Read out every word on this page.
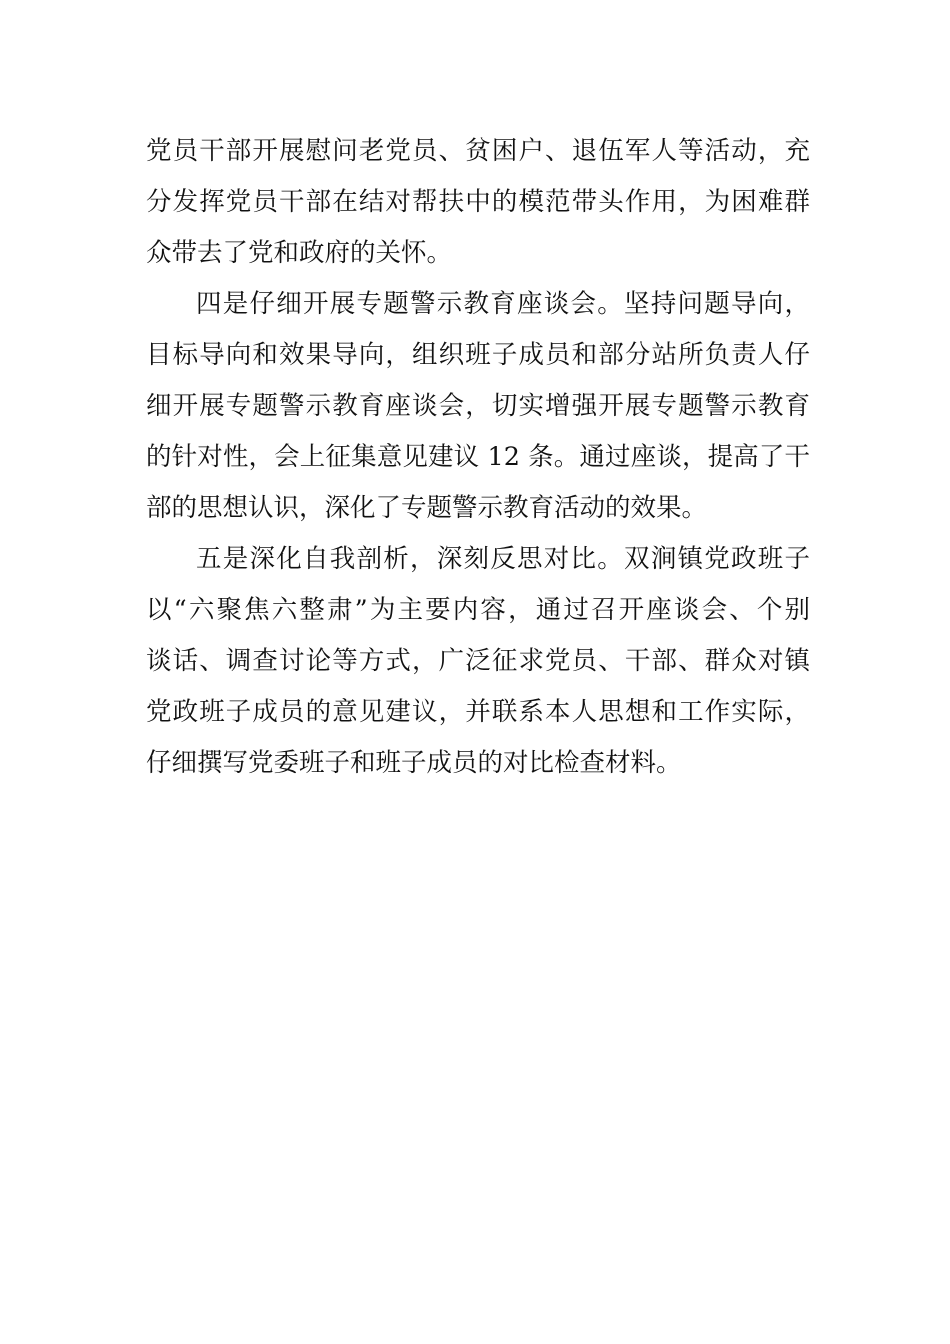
党员干部开展慰问老党员、贫困户、退伍军人等活动，充
分发挥党员干部在结对帮扶中的模范带头作用，为困难群
众带去了党和政府的关怀。
四是仔细开展专题警示教育座谈会。坚持问题导向，
目标导向和效果导向，组织班子成员和部分站所负责人仔
细开展专题警示教育座谈会，切实增强开展专题警示教育
的针对性，会上征集意见建议 12 条。通过座谈，提高了干
部的思想认识，深化了专题警示教育活动的效果。
五是深化自我剖析，深刻反思对比。双涧镇党政班子
以“六聚焦六整肃”为主要内容，通过召开座谈会、个别
谈话、调查讨论等方式，广泛征求党员、干部、群众对镇
党政班子成员的意见建议，并联系本人思想和工作实际，
仔细撰写党委班子和班子成员的对比检查材料。
